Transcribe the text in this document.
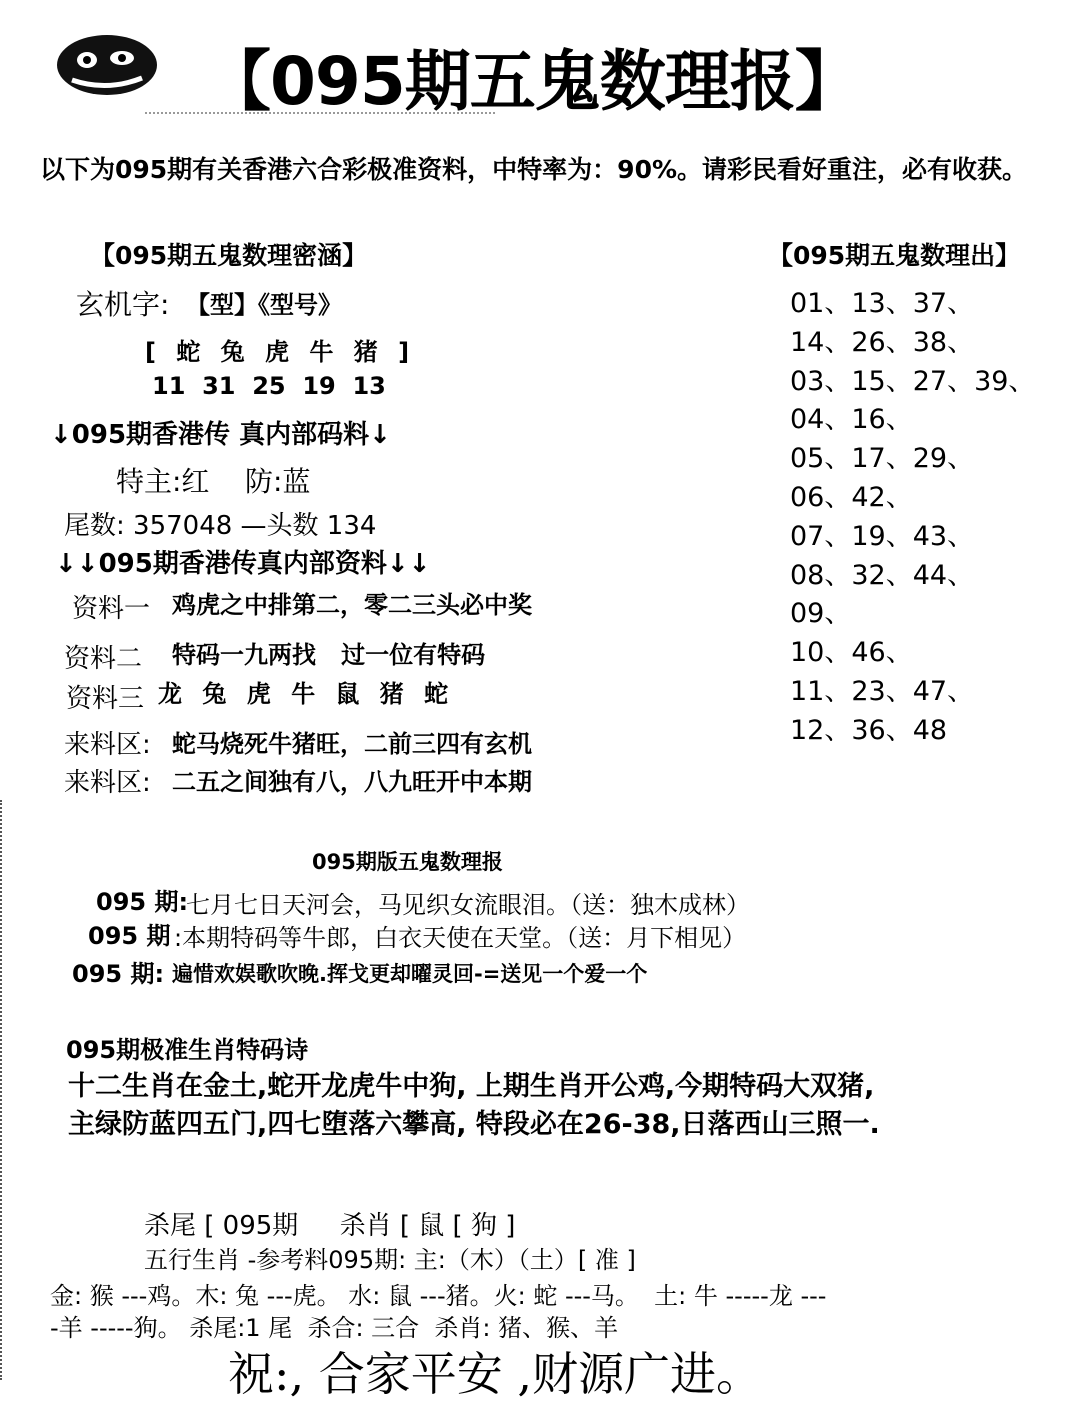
【095期五鬼数理报】
以下为095期有关香港六合彩极准资料，中特率为：90%。请彩民看好重注，必有收获。
【095期五鬼数理密涵】
玄机字: 【型】《型号》
[ 蛇 兔 虎 牛 猪 ]
11  31  25  19  13
↓095期香港传 真内部码料↓
特主:红    防:蓝
尾数: 357048 —头数 134
↓↓095期香港传真内部资料↓↓
资料一 鸡虎之中排第二，零二三头必中奖
资料二 特码一九两找   过一位有特码
资料三 龙 兔 虎 牛 鼠 猪 蛇
来料区: 蛇马烧死牛猪旺，二前三四有玄机
来料区: 二五之间独有八，八九旺开中本期
【095期五鬼数理出】
01、13、37、
14、26、38、
03、15、27、39、
04、16、
05、17、29、
06、42、
07、19、43、
08、32、44、
09、
10、46、
11、23、47、
12、36、48
095期版五鬼数理报
095 期:
七月七日天河会，马见织女流眼泪。（送：独木成林）
095 期 :本期特码等牛郎，白衣天使在天堂。（送：月下相见）
095 期: 遍惜欢娱歌吹晚.挥戈更却曜灵回-=送见一个爱一个
095期极准生肖特码诗
十二生肖在金土,蛇开龙虎牛中狗, 上期生肖开公鸡,今期特码大双猪,
主绿防蓝四五门,四七堕落六攀高, 特段必在26-38,日落西山三照一.
杀尾 [ 095期     杀肖 [ 鼠 [ 狗 ]
五行生肖 -参考料095期: 主:（木）（土）[ 准 ]
金: 猴 ---鸡。木: 兔 ---虎。 水: 鼠 ---猪。火: 蛇 ---马。  土: 牛 -----龙 ---
-羊 -----狗。 杀尾:1 尾  杀合: 三合  杀肖: 猪、猴、羊
祝:, 合家平安 ,财源广进。
